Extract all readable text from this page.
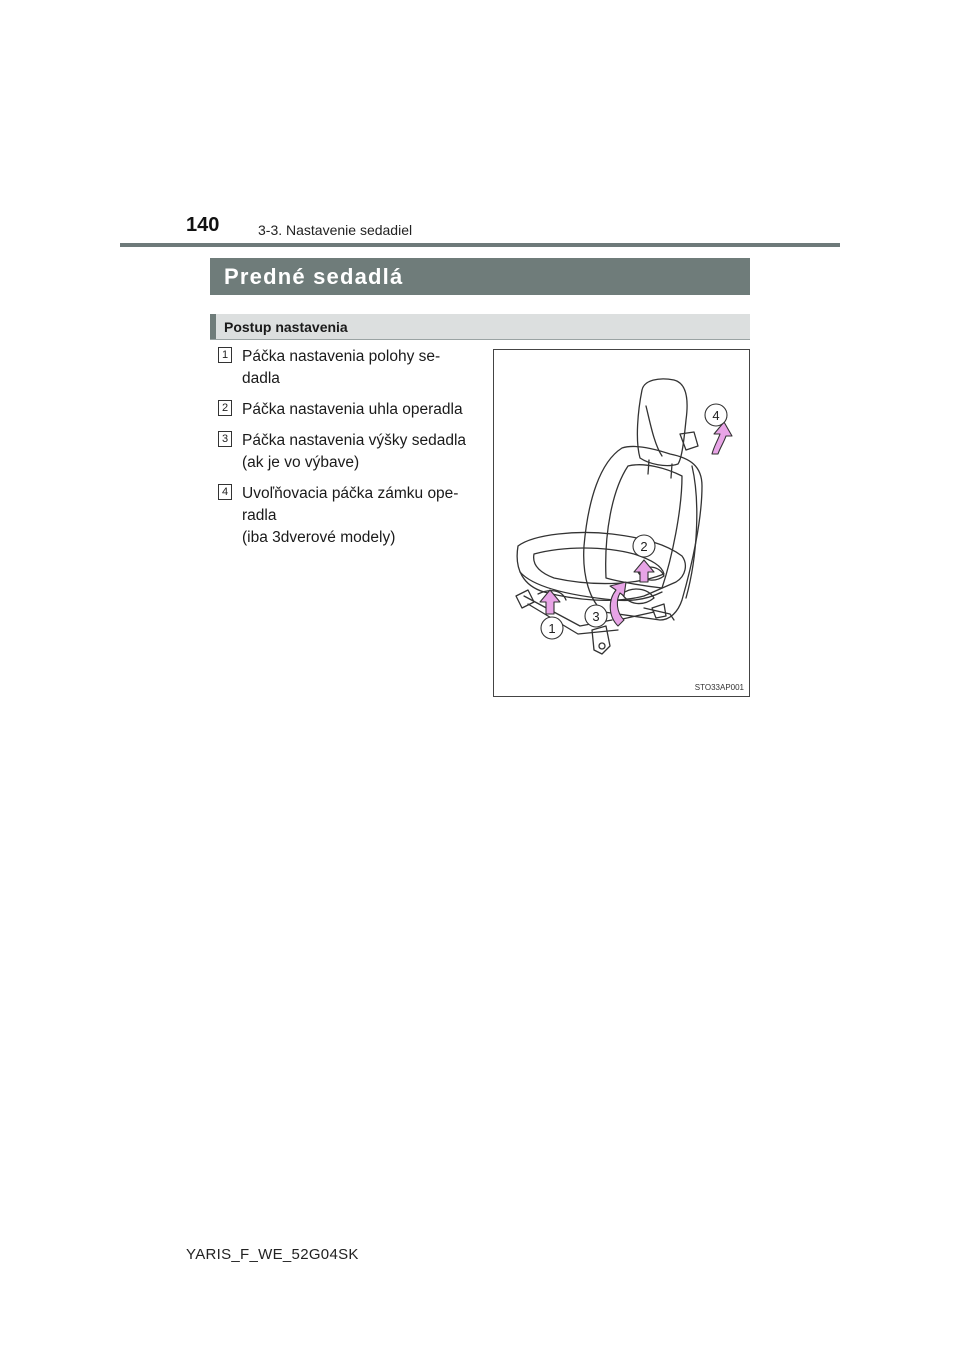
140	3-3. Nastavenie sedadiel
Predné sedadlá
Postup nastavenia
1 Páčka nastavenia polohy se-
dadla
2 Páčka nastavenia uhla operadla
3 Páčka nastavenia výšky sedadla
(ak je vo výbave)
4 Uvoľňovacia páčka zámku ope-
radla
(iba 3dverové modely)
4
2
3
1
STO33AP001
YARIS_F_WE_52G04SK
